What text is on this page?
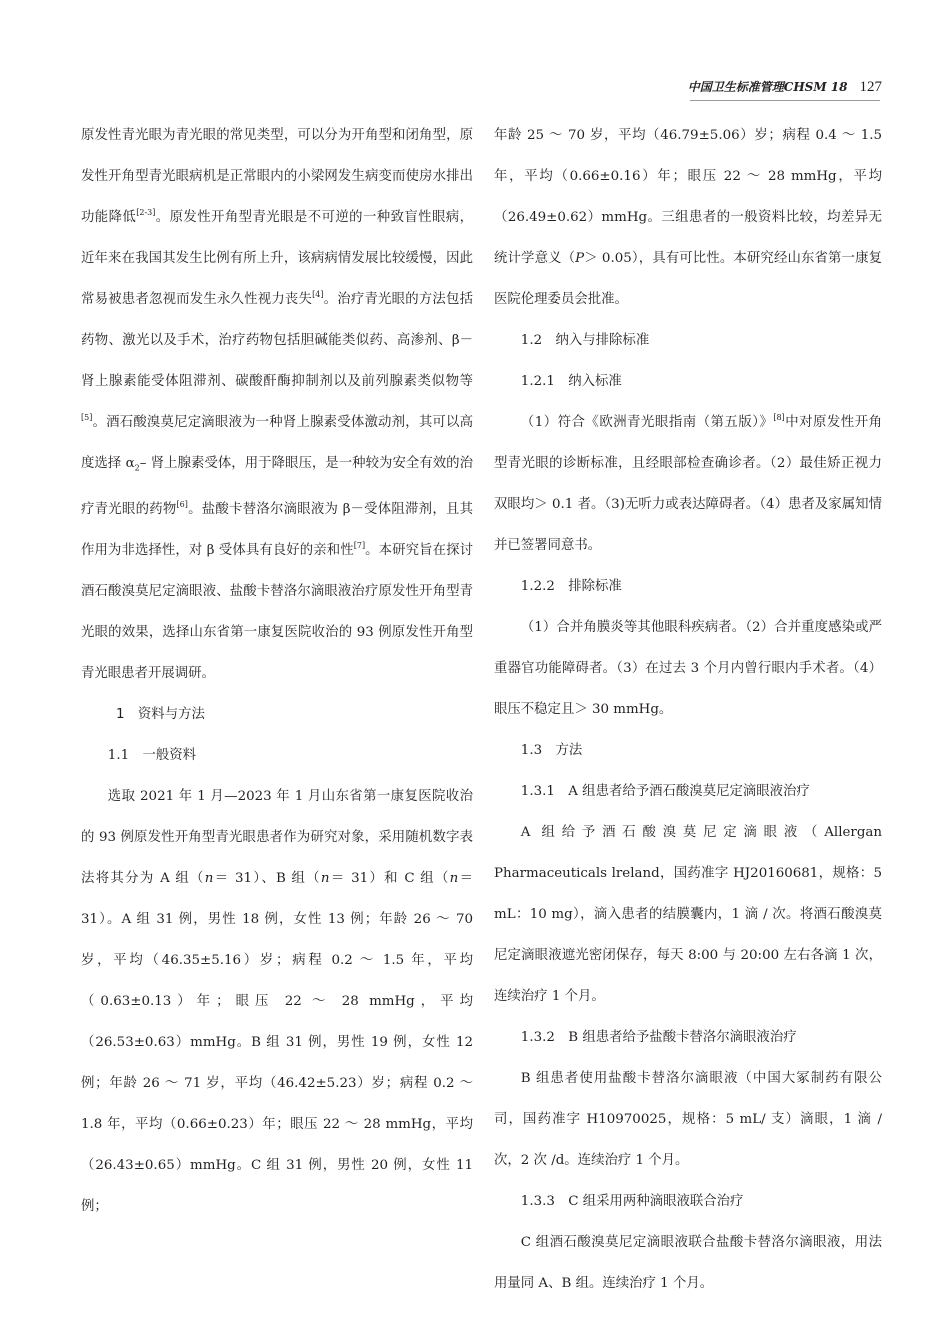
中国卫生标准管理CHSM 18 127

原发性青光眼为青光眼的常见类型，可以分为开角型和闭角型，原发性开角型青光眼病机是正常眼内的小梁网发生病变而使房水排出功能降低[2-3]。原发性开角型青光眼是不可逆的一种致盲性眼病，近年来在我国其发生比例有所上升，该病病情发展比较缓慢，因此常易被患者忽视而发生永久性视力丧失[4]。治疗青光眼的方法包括药物、激光以及手术，治疗药物包括胆碱能类似药、高渗剂、β－肾上腺素能受体阻滞剂、碳酸酐酶抑制剂以及前列腺素类似物等[5]。酒石酸溴莫尼定滴眼液为一种肾上腺素受体激动剂，其可以高度选择 $\alpha_2-$ 肾上腺素受体，用于降眼压，是一种较为安全有效的治疗青光眼的药物[6]。盐酸卡替洛尔滴眼液为 β－受体阻滞剂，且其作用为非选择性，对 β 受体具有良好的亲和性[7]。本研究旨在探讨酒石酸溴莫尼定滴眼液、盐酸卡替洛尔滴眼液治疗原发性开角型青光眼的效果，选择山东省第一康复医院收治的 93 例原发性开角型青光眼患者开展调研。

1　资料与方法

1.1　一般资料

选取 2021 年 1 月—2023 年 1 月山东省第一康复医院收治的 93 例原发性开角型青光眼患者作为研究对象，采用随机数字表法将其分为 A 组（n＝ 31）、B 组（n＝ 31）和 C 组（n＝ 31）。A 组 31 例，男性 18 例，女性 13 例；年龄 26 ～ 70 岁，平均（46.35±5.16）岁；病程 0.2 ～ 1.5 年，平均（0.63±0.13）年；眼压 22 ～ 28 mmHg，平均（26.53±0.63）mmHg。B 组 31 例，男性 19 例，女性 12 例；年龄 26 ～ 71 岁，平均（46.42±5.23）岁；病程 0.2 ～ 1.8 年，平均（0.66±0.23）年；眼压 22 ～ 28 mmHg，平均（26.43±0.65）mmHg。C 组 31 例，男性 20 例，女性 11 例；

年龄 25 ～ 70 岁，平均（46.79±5.06）岁；病程 0.4 ～ 1.5 年，平均（0.66±0.16）年；眼压 22 ～ 28 mmHg，平均（26.49±0.62）mmHg。三组患者的一般资料比较，均差异无统计学意义（P＞ 0.05），具有可比性。本研究经山东省第一康复医院伦理委员会批准。

1.2　纳入与排除标准

1.2.1　纳入标准

（1）符合《欧洲青光眼指南（第五版）》[8]中对原发性开角型青光眼的诊断标准，且经眼部检查确诊者。（2）最佳矫正视力双眼均＞ 0.1 者。（3)无听力或表达障碍者。（4）患者及家属知情并已签署同意书。

1.2.2　排除标准

（1）合并角膜炎等其他眼科疾病者。（2）合并重度感染或严重器官功能障碍者。（3）在过去 3 个月内曾行眼内手术者。（4）眼压不稳定且＞ 30 mmHg。

1.3　方法

1.3.1　A 组患者给予酒石酸溴莫尼定滴眼液治疗

A 组给予酒石酸溴莫尼定滴眼液（Allergan Pharmaceuticals lreland，国药准字 HJ20160681，规格：5 mL：10 mg），滴入患者的结膜囊内，1 滴 / 次。将酒石酸溴莫尼定滴眼液遮光密闭保存，每天 8:00 与 20:00 左右各滴 1 次，连续治疗 1 个月。

1.3.2　B 组患者给予盐酸卡替洛尔滴眼液治疗

B 组患者使用盐酸卡替洛尔滴眼液（中国大冢制药有限公司，国药准字 H10970025，规格：5 mL/ 支）滴眼，1 滴 / 次，2 次 /d。连续治疗 1 个月。

1.3.3　C 组采用两种滴眼液联合治疗

C 组酒石酸溴莫尼定滴眼液联合盐酸卡替洛尔滴眼液，用法用量同 A、B 组。连续治疗 1 个月。
